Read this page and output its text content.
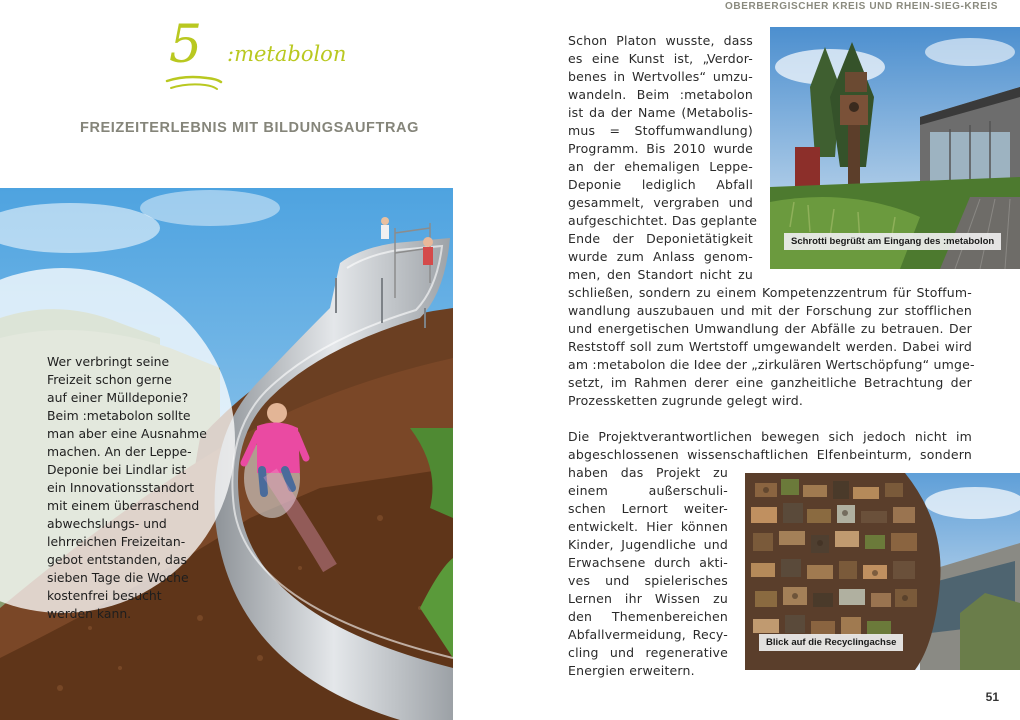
OBERBERGISCHER KREIS UND RHEIN-SIEG-KREIS
5 :metabolon
FREIZEITERLEBNIS MIT BILDUNGSAUFTRAG

Wer verbringt seine

Freizeit schon gerne

auf einer Mülldeponie?

Beim :metabolon sollte

man aber eine Ausnahme

machen. An der Leppe-

Deponie bei Lindlar ist

ein Innovationsstandort

mit einem überraschend

abwechslungs- und

lehrreichen Freizeitan-

gebot entstanden, das

sieben Tage die Woche

kostenfrei besucht

werden kann.

Schrotti begrüßt am Eingang des :metabolon
Schon Platon wusste, dass
es eine Kunst ist, „Verdor-
benes in Wertvolles“ umzu-
wandeln. Beim :metabolon
ist da der Name (Metabolis-
mus = Stoffumwandlung)
Programm. Bis 2010 wurde
an der ehemaligen Leppe-
Deponie lediglich Abfall
gesammelt, vergraben und
aufgeschichtet. Das geplante
Ende der Deponietätigkeit
wurde zum Anlass genom-
men, den Standort nicht zu
schließen, sondern zu einem Kompetenzzentrum für Stoffum-
wandlung auszubauen und mit der Forschung zur stofflichen
und energetischen Umwandlung der Abfälle zu betrauen. Der
Reststoff soll zum Wertstoff umgewandelt werden. Dabei wird
am :metabolon die Idee der „zirkulären Wertschöpfung“ umge-
setzt, im Rahmen derer eine ganzheitliche Betrachtung der
Prozessketten zugrunde gelegt wird.
Die Projektverantwortlichen bewegen sich jedoch nicht im
abgeschlossenen wissenschaftlichen Elfenbeinturm, sondern
haben das Projekt zu
einem außerschuli-
schen Lernort weiter-
entwickelt. Hier können
Kinder, Jugendliche und
Erwachsene durch akti-
ves und spielerisches
Lernen ihr Wissen zu
den Themenbereichen
Abfallvermeidung, Recy-
cling und regenerative
Energien erweitern.
Blick auf die Recyclingachse
51
